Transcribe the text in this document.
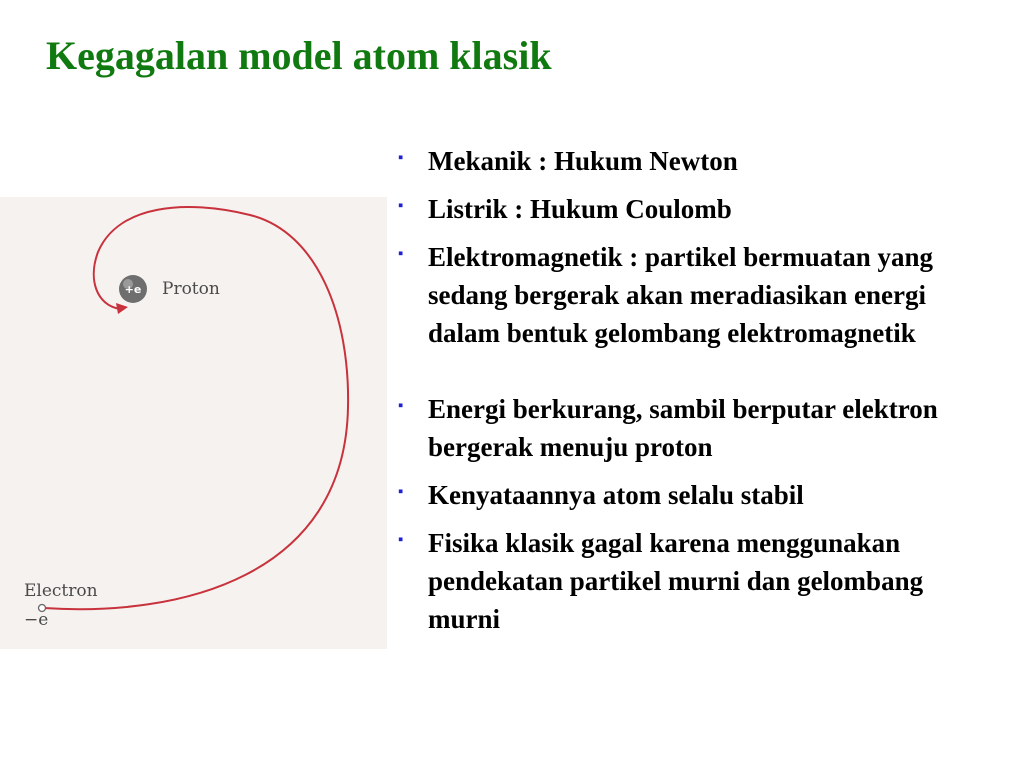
Kegagalan model atom klasik
+e Proton
Electron
−e
▪ Mekanik : Hukum Newton
▪ Listrik : Hukum Coulomb
▪ Elektromagnetik : partikel bermuatan yang sedang bergerak akan meradiasikan energi dalam bentuk gelombang elektromagnetik
▪ Energi berkurang, sambil berputar elektron bergerak menuju proton
▪ Kenyataannya atom selalu stabil
▪ Fisika klasik gagal karena menggunakan pendekatan partikel murni dan gelombang murni
